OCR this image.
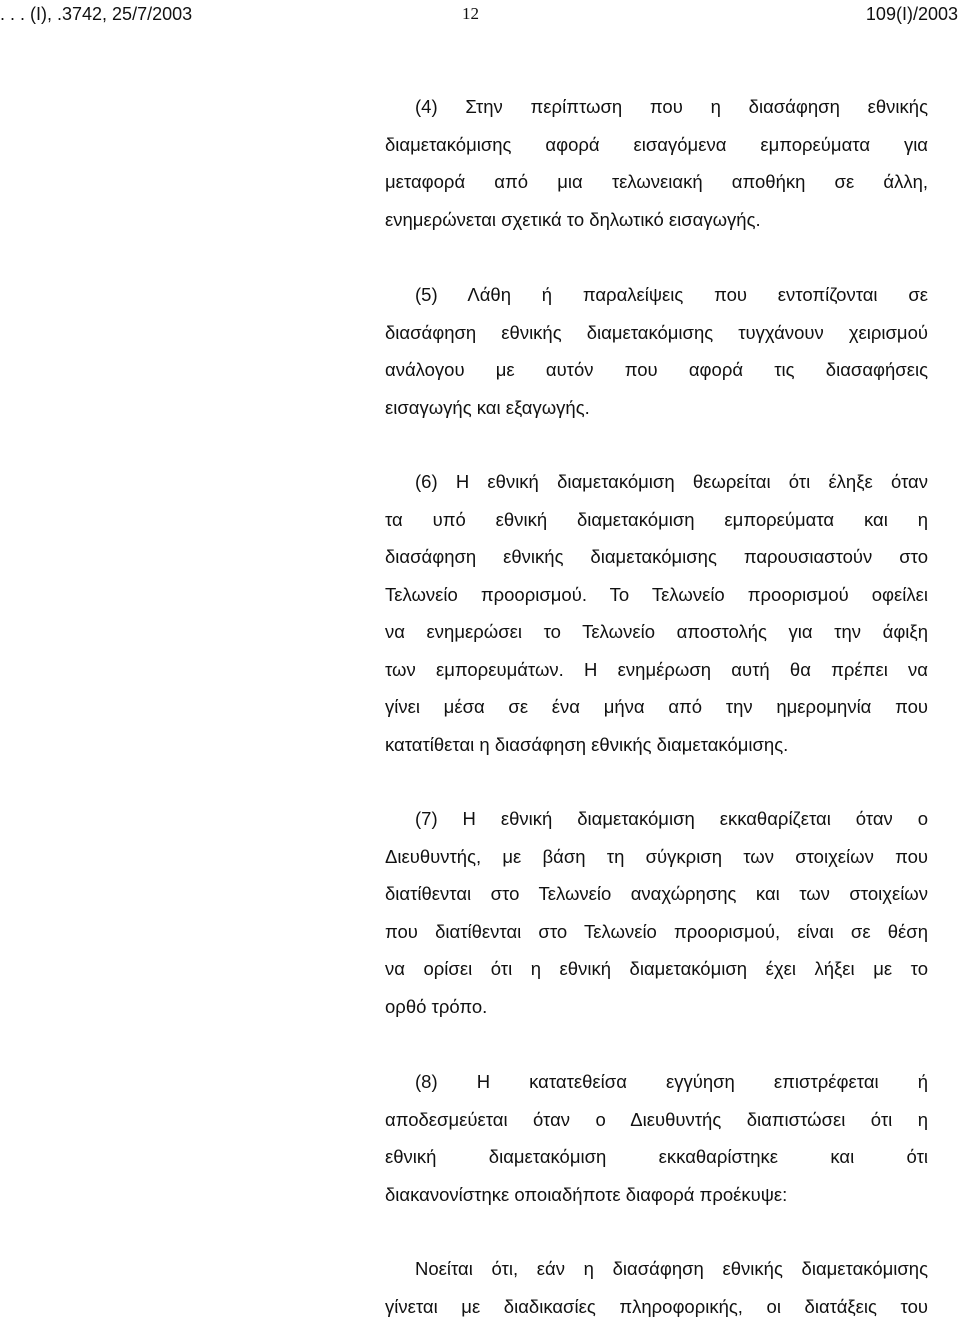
. . . (I), .3742, 25/7/2003	12	109(I)/2003
(4) Στην περίπτωση που η διασάφηση εθνικής
διαμετακόμισης αφορά εισαγόμενα εμπορεύματα για
μεταφορά από μια τελωνειακή αποθήκη σε άλλη,
ενημερώνεται σχετικά το δηλωτικό εισαγωγής.
(5) Λάθη ή παραλείψεις που εντοπίζονται σε
διασάφηση εθνικής διαμετακόμισης τυγχάνουν χειρισμού
ανάλογου με αυτόν που αφορά τις διασαφήσεις
εισαγωγής και εξαγωγής.
(6) Η εθνική διαμετακόμιση θεωρείται ότι έληξε όταν
τα υπό εθνική διαμετακόμιση εμπορεύματα και η
διασάφηση εθνικής διαμετακόμισης παρουσιαστούν στο
Τελωνείο προορισμού. Το Τελωνείο προορισμού οφείλει
να ενημερώσει το Τελωνείο αποστολής για την άφιξη
των εμπορευμάτων. Η ενημέρωση αυτή θα πρέπει να
γίνει μέσα σε ένα μήνα από την ημερομηνία που
κατατίθεται η διασάφηση εθνικής διαμετακόμισης.
(7) Η εθνική διαμετακόμιση εκκαθαρίζεται όταν ο
Διευθυντής, με βάση τη σύγκριση των στοιχείων που
διατίθενται στο Τελωνείο αναχώρησης και των στοιχείων
που διατίθενται στο Τελωνείο προορισμού, είναι σε θέση
να ορίσει ότι η εθνική διαμετακόμιση έχει λήξει με το
ορθό τρόπο.
(8) Η κατατεθείσα εγγύηση επιστρέφεται ή
αποδεσμεύεται όταν ο Διευθυντής διαπιστώσει ότι η
εθνική διαμετακόμιση εκκαθαρίστηκε και ότι
διακανονίστηκε οποιαδήποτε διαφορά προέκυψε:
Νοείται ότι, εάν η διασάφηση εθνικής διαμετακόμισης
γίνεται με διαδικασίες πληροφορικής, οι διατάξεις του
